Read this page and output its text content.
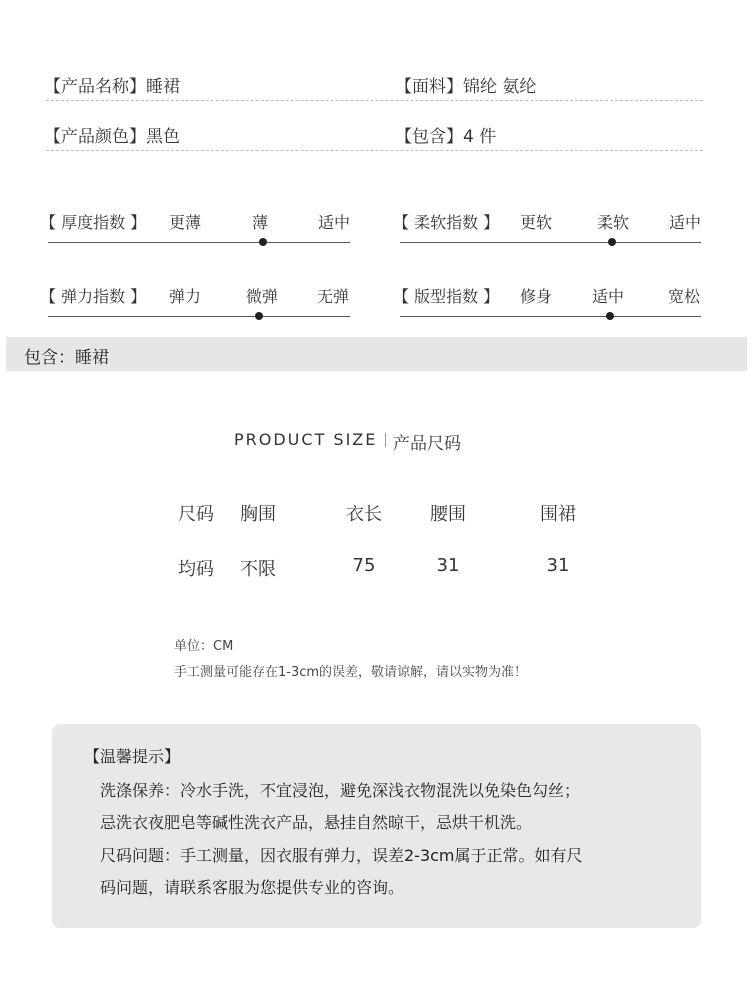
【产品名称】睡裙	【面料】锦纶 氨纶
【产品颜色】黑色	【包含】4 件
【 厚度指数 】	更薄	薄	适中	【 柔软指数 】	更软	柔软	适中
【 弹力指数 】	弹力	微弹	无弹	【 版型指数 】	修身	适中	宽松
包含：睡裙
PRODUCT SIZE 产品尺码
尺码	胸围	衣长	腰围	围裙
均码	不限	75	31	31
单位：CM
手工测量可能存在1-3cm的误差，敬请谅解，请以实物为准！
【温馨提示】
洗涤保养：冷水手洗，不宜浸泡，避免深浅衣物混洗以免染色勾丝；
忌洗衣夜肥皂等碱性洗衣产品，悬挂自然晾干，忌烘干机洗。
尺码问题：手工测量，因衣服有弹力，误差2-3cm属于正常。如有尺
码问题，请联系客服为您提供专业的咨询。
